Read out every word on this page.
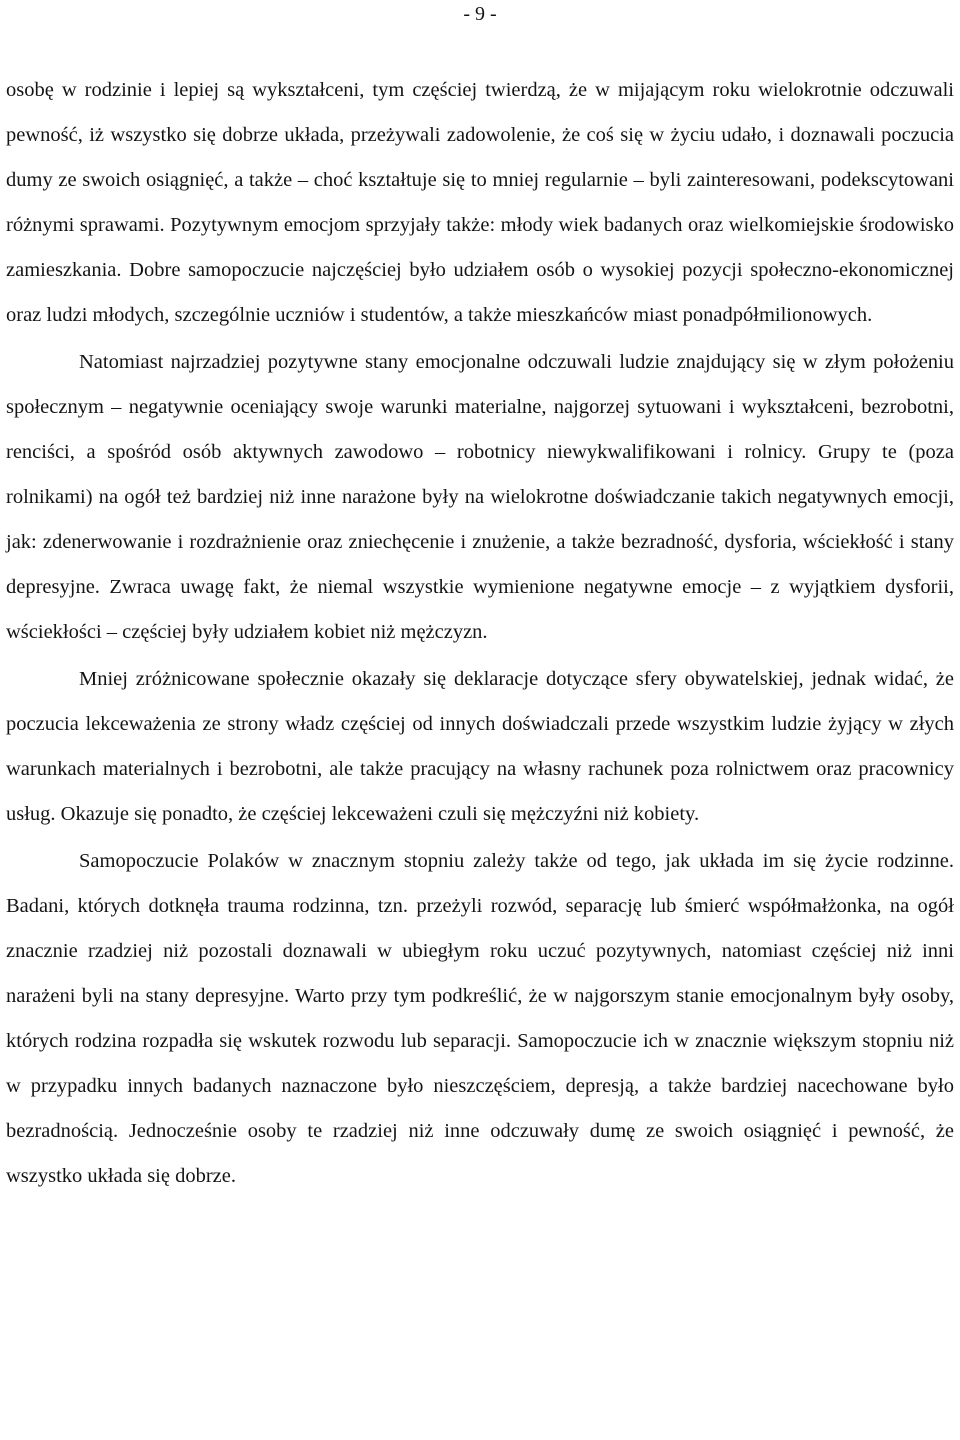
- 9 -

osobę w rodzinie i lepiej są wykształceni, tym częściej twierdzą, że w mijającym roku wielokrotnie odczuwali pewność, iż wszystko się dobrze układa, przeżywali zadowolenie, że coś się w życiu udało, i doznawali poczucia dumy ze swoich osiągnięć, a także – choć kształtuje się to mniej regularnie – byli zainteresowani, podekscytowani różnymi sprawami. Pozytywnym emocjom sprzyjały także: młody wiek badanych oraz wielkomiejskie środowisko zamieszkania. Dobre samopoczucie najczęściej było udziałem osób o wysokiej pozycji społeczno-ekonomicznej oraz ludzi młodych, szczególnie uczniów i studentów, a także mieszkańców miast ponadpółmilionowych.

Natomiast najrzadziej pozytywne stany emocjonalne odczuwali ludzie znajdujący się w złym położeniu społecznym – negatywnie oceniający swoje warunki materialne, najgorzej sytuowani i wykształceni, bezrobotni, renciści, a spośród osób aktywnych zawodowo – robotnicy niewykwalifikowani i rolnicy. Grupy te (poza rolnikami) na ogół też bardziej niż inne narażone były na wielokrotne doświadczanie takich negatywnych emocji, jak: zdenerwowanie i rozdrażnienie oraz zniechęcenie i znużenie, a także bezradność, dysforia, wściekłość i stany depresyjne. Zwraca uwagę fakt, że niemal wszystkie wymienione negatywne emocje – z wyjątkiem dysforii, wściekłości – częściej były udziałem kobiet niż mężczyzn.

Mniej zróżnicowane społecznie okazały się deklaracje dotyczące sfery obywatelskiej, jednak widać, że poczucia lekceważenia ze strony władz częściej od innych doświadczali przede wszystkim ludzie żyjący w złych warunkach materialnych i bezrobotni, ale także pracujący na własny rachunek poza rolnictwem oraz pracownicy usług. Okazuje się ponadto, że częściej lekceważeni czuli się mężczyźni niż kobiety.

Samopoczucie Polaków w znacznym stopniu zależy także od tego, jak układa im się życie rodzinne. Badani, których dotknęła trauma rodzinna, tzn. przeżyli rozwód, separację lub śmierć współmałżonka, na ogół znacznie rzadziej niż pozostali doznawali w ubiegłym roku uczuć pozytywnych, natomiast częściej niż inni narażeni byli na stany depresyjne. Warto przy tym podkreślić, że w najgorszym stanie emocjonalnym były osoby, których rodzina rozpadła się wskutek rozwodu lub separacji. Samopoczucie ich w znacznie większym stopniu niż w przypadku innych badanych naznaczone było nieszczęściem, depresją, a także bardziej nacechowane było bezradnością. Jednocześnie osoby te rzadziej niż inne odczuwały dumę ze swoich osiągnięć i pewność, że wszystko układa się dobrze.
